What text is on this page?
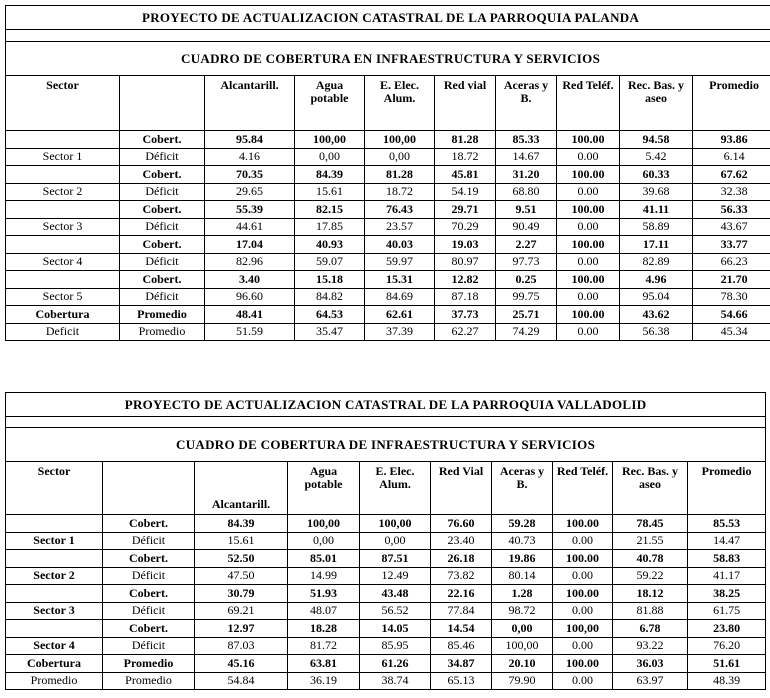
PROYECTO DE ACTUALIZACION CATASTRAL DE LA PARROQUIA PALANDA									

CUADRO DE COBERTURA EN INFRAESTRUCTURA Y SERVICIOS									
Sector		Alcantarill.	Agua potable	E. Elec. Alum.	Red vial	Aceras y B.	Red Teléf.	Rec. Bas. y aseo	Promedio
	Cobert.	95.84	100,00	100,00	81.28	85.33	100.00	94.58	93.86
Sector 1	Déficit	4.16	0,00	0,00	18.72	14.67	0.00	5.42	6.14
	Cobert.	70.35	84.39	81.28	45.81	31.20	100.00	60.33	67.62
Sector 2	Déficit	29.65	15.61	18.72	54.19	68.80	0.00	39.68	32.38
	Cobert.	55.39	82.15	76.43	29.71	9.51	100.00	41.11	56.33
Sector 3	Déficit	44.61	17.85	23.57	70.29	90.49	0.00	58.89	43.67
	Cobert.	17.04	40.93	40.03	19.03	2.27	100.00	17.11	33.77
Sector 4	Déficit	82.96	59.07	59.97	80.97	97.73	0.00	82.89	66.23
	Cobert.	3.40	15.18	15.31	12.82	0.25	100.00	4.96	21.70
Sector 5	Déficit	96.60	84.82	84.69	87.18	99.75	0.00	95.04	78.30
Cobertura	Promedio	48.41	64.53	62.61	37.73	25.71	100.00	43.62	54.66
Deficit	Promedio	51.59	35.47	37.39	62.27	74.29	0.00	56.38	45.34
PROYECTO DE ACTUALIZACION CATASTRAL DE LA PARROQUIA VALLADOLID									

CUADRO DE COBERTURA DE INFRAESTRUCTURA Y SERVICIOS									
Sector		Alcantarill.	Agua potable	E. Elec. Alum.	Red Vial	Aceras y B.	Red Teléf.	Rec. Bas. y aseo	Promedio
	Cobert.	84.39	100,00	100,00	76.60	59.28	100.00	78.45	85.53
Sector 1	Déficit	15.61	0,00	0,00	23.40	40.73	0.00	21.55	14.47
	Cobert.	52.50	85.01	87.51	26.18	19.86	100.00	40.78	58.83
Sector 2	Déficit	47.50	14.99	12.49	73.82	80.14	0.00	59.22	41.17
	Cobert.	30.79	51.93	43.48	22.16	1.28	100.00	18.12	38.25
Sector 3	Déficit	69.21	48.07	56.52	77.84	98.72	0.00	81.88	61.75
	Cobert.	12.97	18.28	14.05	14.54	0,00	100,00	6.78	23.80
Sector 4	Déficit	87.03	81.72	85.95	85.46	100,00	0.00	93.22	76.20
Cobertura	Promedio	45.16	63.81	61.26	34.87	20.10	100.00	36.03	51.61
Promedio	Promedio	54.84	36.19	38.74	65.13	79.90	0.00	63.97	48.39
